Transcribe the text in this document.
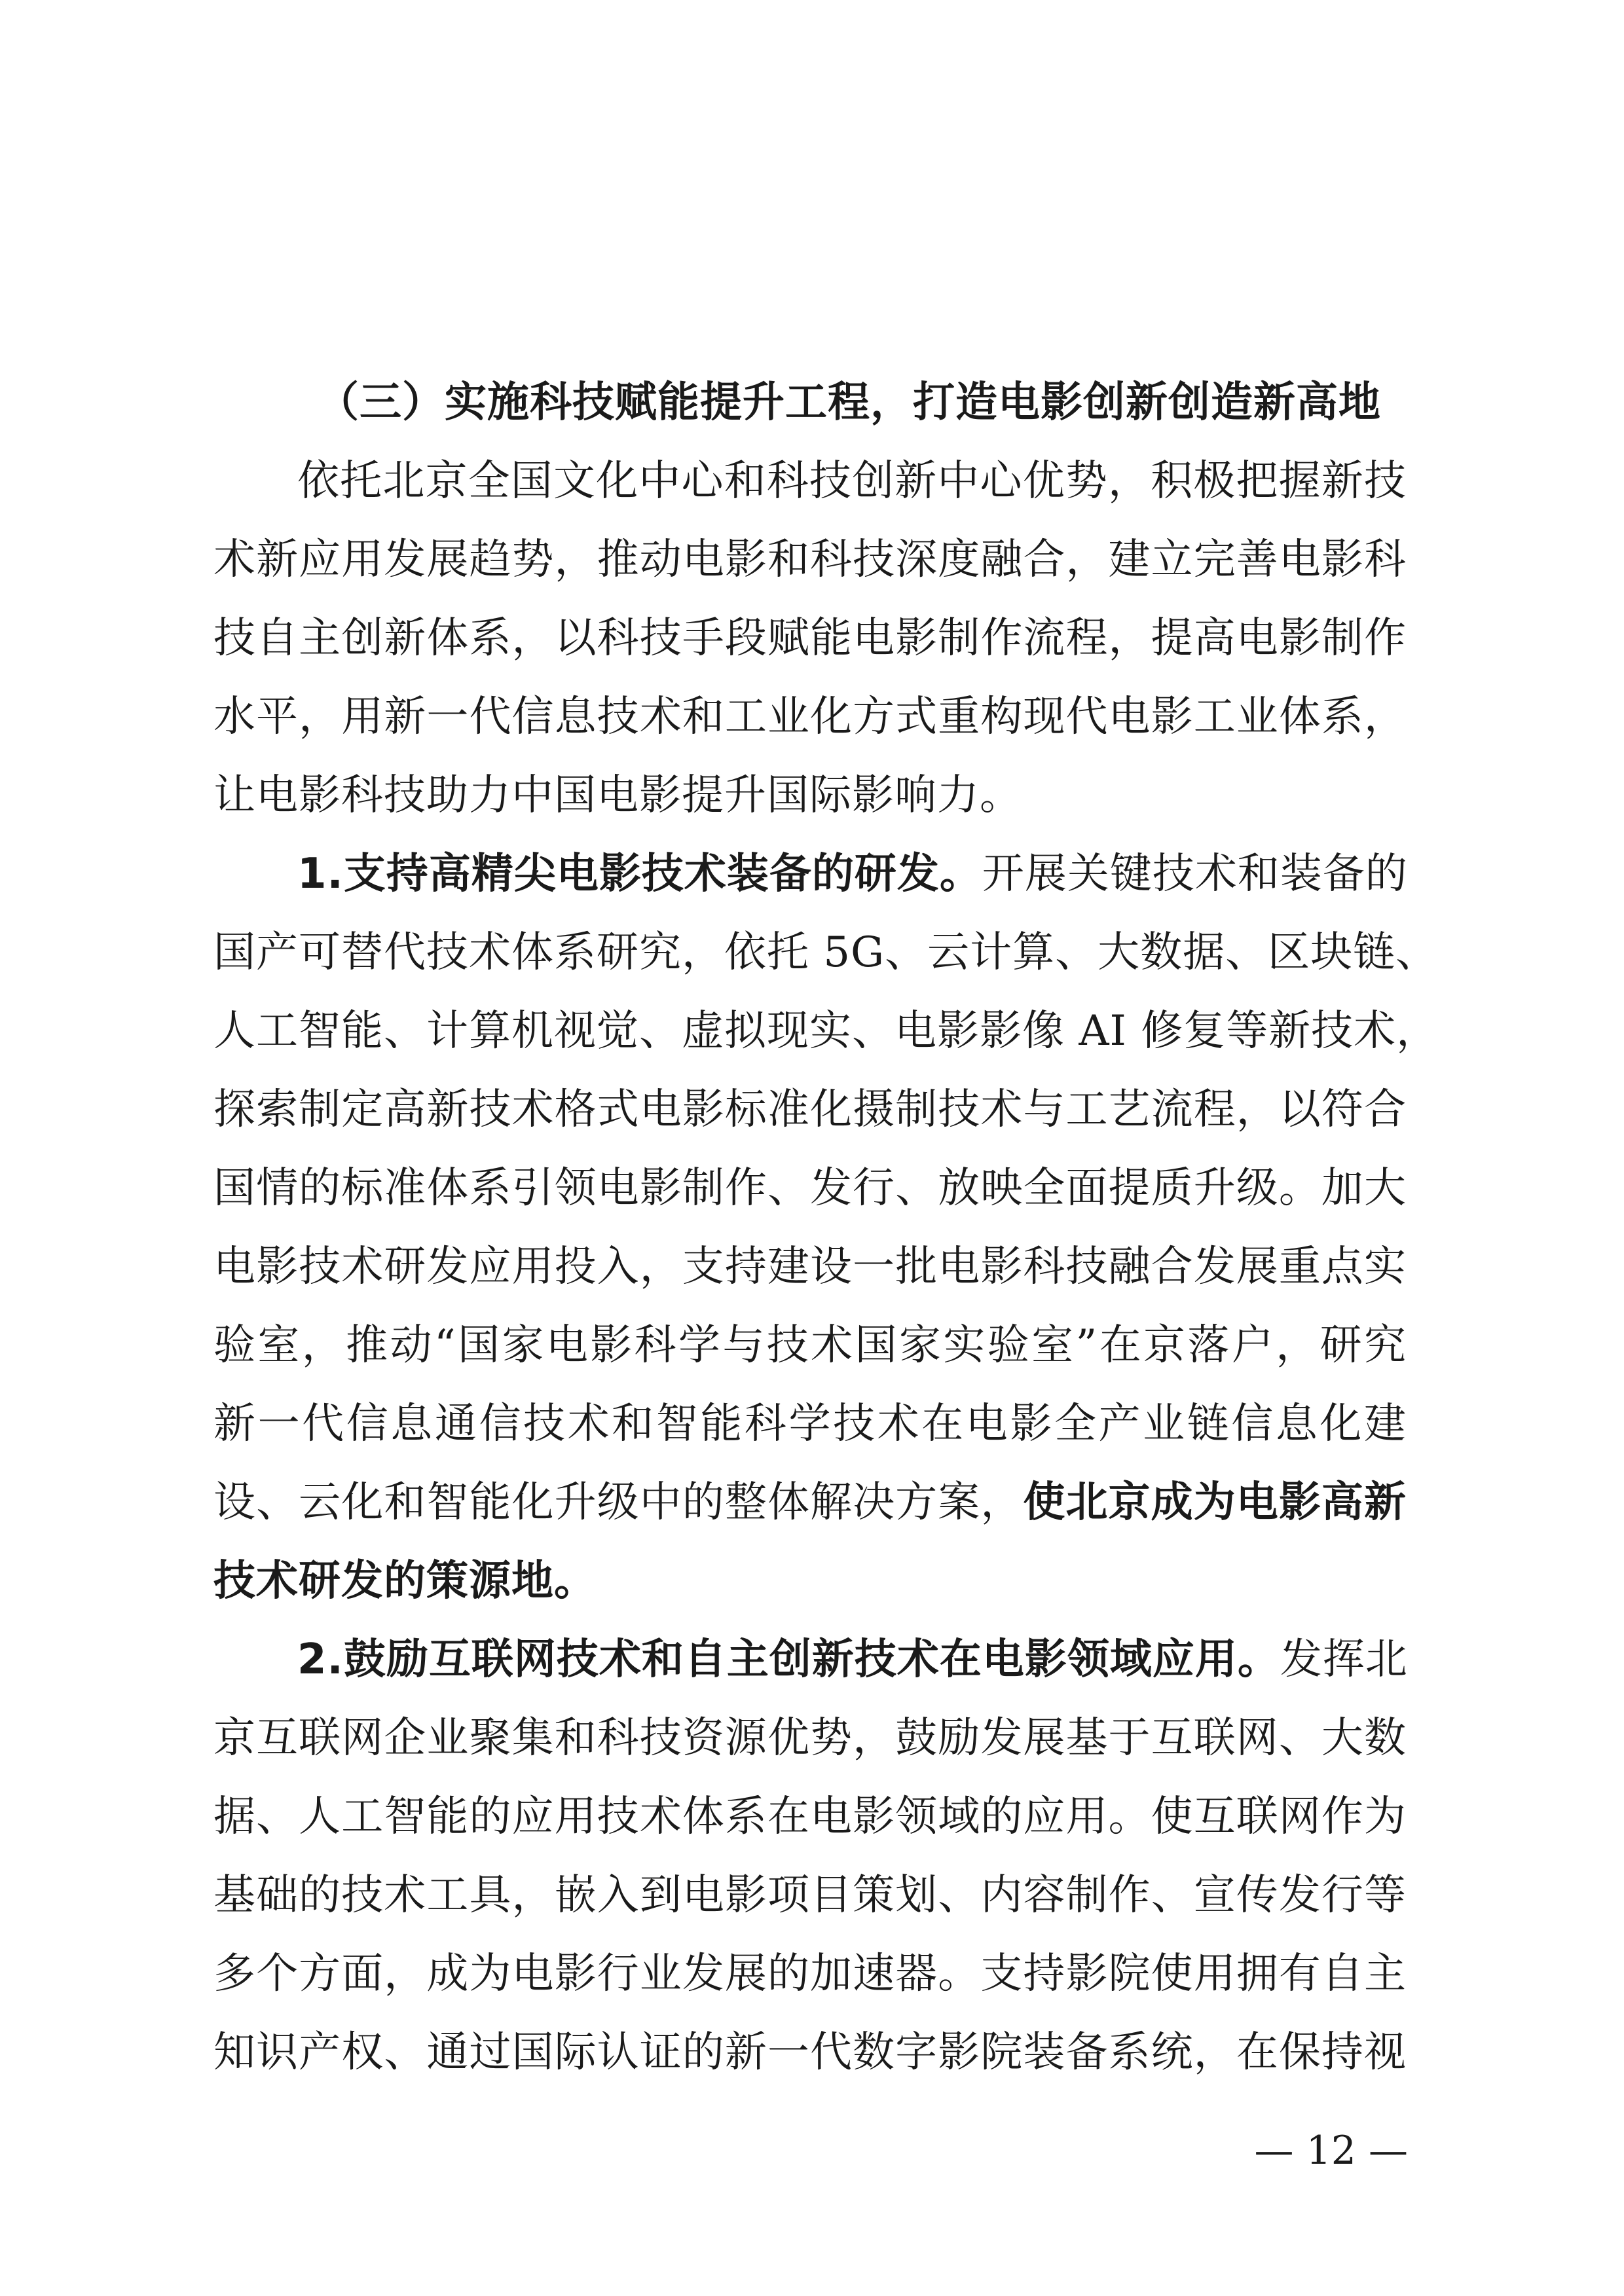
（三）实施科技赋能提升工程，打造电影创新创造新高地
依托北京全国文化中心和科技创新中心优势，积极把握新技
术新应用发展趋势，推动电影和科技深度融合，建立完善电影科
技自主创新体系，以科技手段赋能电影制作流程，提高电影制作
水平，用新一代信息技术和工业化方式重构现代电影工业体系，
让电影科技助力中国电影提升国际影响力。
1.支持高精尖电影技术装备的研发。开展关键技术和装备的
国产可替代技术体系研究，依托 5G、云计算、大数据、区块链、
人工智能、计算机视觉、虚拟现实、电影影像 AI 修复等新技术，
探索制定高新技术格式电影标准化摄制技术与工艺流程，以符合
国情的标准体系引领电影制作、发行、放映全面提质升级。加大
电影技术研发应用投入，支持建设一批电影科技融合发展重点实
验室，推动“国家电影科学与技术国家实验室”在京落户，研究
新一代信息通信技术和智能科学技术在电影全产业链信息化建
设、云化和智能化升级中的整体解决方案，使北京成为电影高新
技术研发的策源地。
2.鼓励互联网技术和自主创新技术在电影领域应用。发挥北
京互联网企业聚集和科技资源优势，鼓励发展基于互联网、大数
据、人工智能的应用技术体系在电影领域的应用。使互联网作为
基础的技术工具，嵌入到电影项目策划、内容制作、宣传发行等
多个方面，成为电影行业发展的加速器。支持影院使用拥有自主
知识产权、通过国际认证的新一代数字影院装备系统，在保持视
— 12 —
